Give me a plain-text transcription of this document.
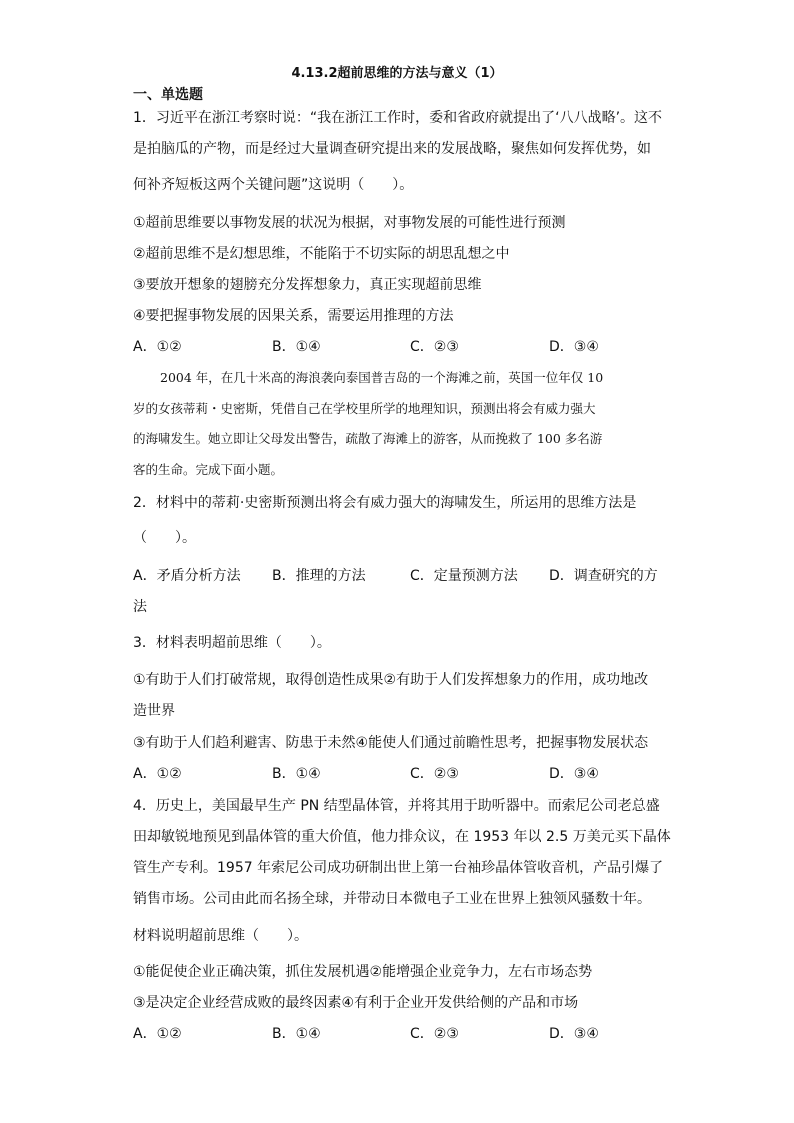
4.13.2超前思维的方法与意义（1）
一、单选题
1．习近平在浙江考察时说：“我在浙江工作时，委和省政府就提出了‘八八战略’。这不
是拍脑瓜的产物，而是经过大量调查研究提出来的发展战略，聚焦如何发挥优势，如
何补齐短板这两个关键问题”这说明（　　）。
①超前思维要以事物发展的状况为根据，对事物发展的可能性进行预测
②超前思维不是幻想思维，不能陷于不切实际的胡思乱想之中
③要放开想象的翅膀充分发挥想象力，真正实现超前思维
④要把握事物发展的因果关系，需要运用推理的方法
A．①②	B．①④	C．②③	D．③④
2004 年，在几十米高的海浪袭向泰国普吉岛的一个海滩之前，英国一位年仅 10
岁的女孩蒂莉・史密斯，凭借自己在学校里所学的地理知识，预测出将会有威力强大
的海啸发生。她立即让父母发出警告，疏散了海滩上的游客，从而挽救了 100 多名游
客的生命。完成下面小题。
2．材料中的蒂莉·史密斯预测出将会有威力强大的海啸发生，所运用的思维方法是
（　　）。
A．矛盾分析方法 B．推理的方法	C．定量预测方法 D．调查研究的方
法
3．材料表明超前思维（　　）。
①有助于人们打破常规，取得创造性成果②有助于人们发挥想象力的作用，成功地改
造世界
③有助于人们趋利避害、防患于未然④能使人们通过前瞻性思考，把握事物发展状态
A．①②	B．①④	C．②③	D．③④
4．历史上，美国最早生产 PN 结型晶体管，并将其用于助听器中。而索尼公司老总盛
田却敏锐地预见到晶体管的重大价值，他力排众议，在 1953 年以 2.5 万美元买下晶体
管生产专利。1957 年索尼公司成功研制出世上第一台袖珍晶体管收音机，产品引爆了
销售市场。公司由此而名扬全球，并带动日本微电子工业在世界上独领风骚数十年。
材料说明超前思维（　　）。
①能促使企业正确决策，抓住发展机遇②能增强企业竞争力，左右市场态势
③是决定企业经营成败的最终因素④有利于企业开发供给侧的产品和市场
A．①②	B．①④	C．②③	D．③④
